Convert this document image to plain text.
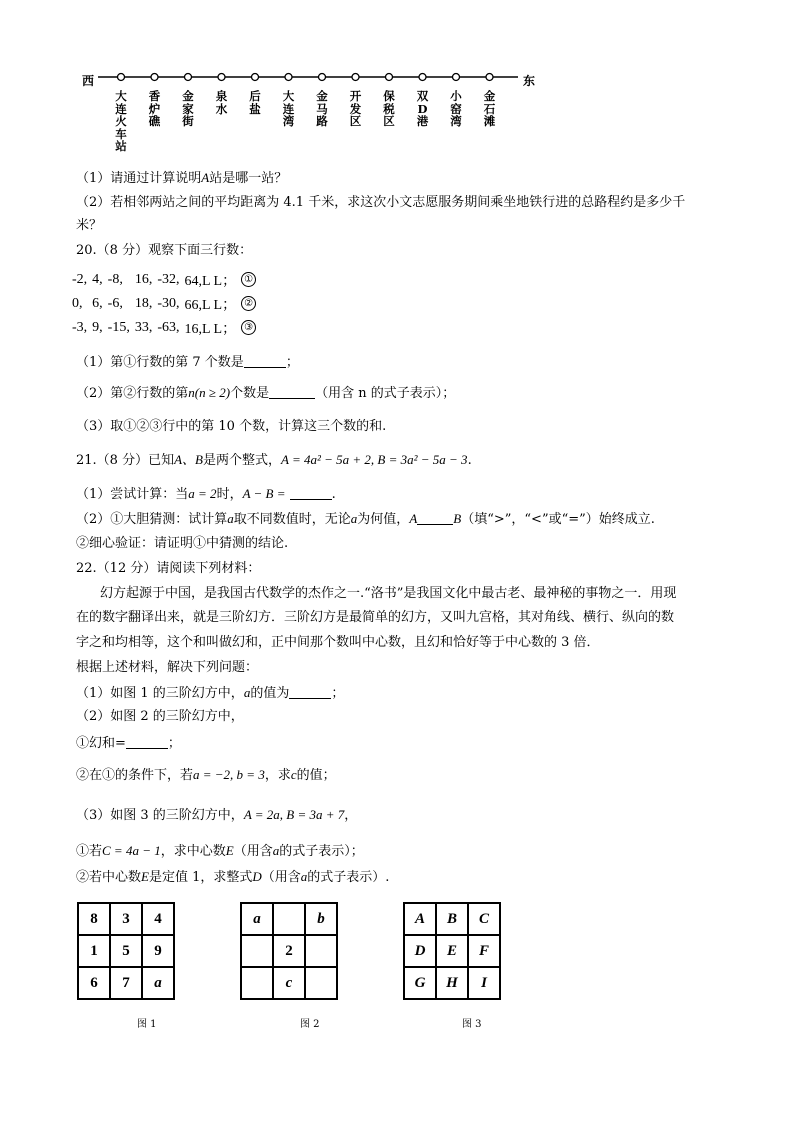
西	东
大
连
火
车
站
香
炉
礁
金
家
街
泉
水
后
盐
大
连
湾
金
马
路
开
发
区
保
税
区
双
D
港
小
窑
湾
金
石
滩
（1）请通过计算说明A站是哪一站？
（2）若相邻两站之间的平均距离为 4.1 千米，求这次小文志愿服务期间乘坐地铁行进的总路程约是多少千
米？
20.（8 分）观察下面三行数：
-2,	4,	-8,	16,	-32,	64,L L；	①
0,	6,	-6,	18,	-30,	66,L L；	②
-3,	9,	-15,	33,	-63,	16,L L；	③
（1）第①行数的第 7 个数是	；
（2）第②行数的第n(n ≥ 2)个数是	（用含 n 的式子表示）；
（3）取①②③行中的第 10 个数，计算这三个数的和.
21.（8 分）已知A、B是两个整式，A = 4a² − 5a + 2, B = 3a² − 5a − 3.
（1）尝试计算：当a = 2时，A − B =	.
（2）①大胆猜测：试计算a取不同数值时，无论a为何值，A	B（填“>”，“<”或“=”）始终成立.
②细心验证：请证明①中猜测的结论.
22.（12 分）请阅读下列材料：
幻方起源于中国，是我国古代数学的杰作之一.“洛书”是我国文化中最古老、最神秘的事物之一．用现
在的数字翻译出来，就是三阶幻方．三阶幻方是最简单的幻方，又叫九宫格，其对角线、横行、纵向的数
字之和均相等，这个和叫做幻和，正中间那个数叫中心数，且幻和恰好等于中心数的 3 倍．
根据上述材料，解决下列问题：
（1）如图 1 的三阶幻方中，a的值为	；
（2）如图 2 的三阶幻方中，
①幻和=	；
②在①的条件下，若a = −2, b = 3，求c的值；
（3）如图 3 的三阶幻方中，A = 2a, B = 3a + 7，
①若C = 4a − 1，求中心数E（用含a的式子表示）；
②若中心数E是定值 1，求整式D（用含a的式子表示）.
8	3	4
1	5	9
6	7	a
图 1
a		b
	2	
	c	
图 2
A	B	C
D	E	F
G	H	I
图 3
